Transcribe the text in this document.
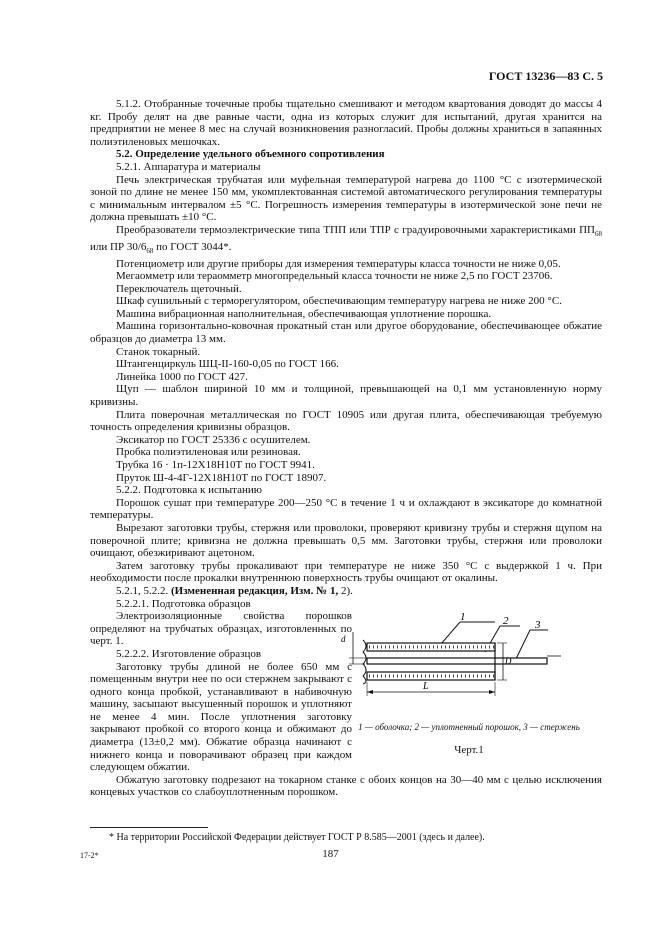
ГОСТ 13236—83 С. 5

5.1.2. Отобранные точечные пробы тщательно смешивают и методом квартования доводят до массы 4 кг. Пробу делят на две равные части, одна из которых служит для испытаний, другая хранится на предприятии не менее 8 мес на случай возникновения разногласий. Пробы должны храниться в запаянных полиэтиленовых мешочках.

5.2. Определение удельного объемного сопротивления

5.2.1. Аппаратура и материалы

Печь электрическая трубчатая или муфельная температурой нагрева до 1100 °С с изотермической зоной по длине не менее 150 мм, укомплектованная системой автоматического регулирования температуры с минимальным интервалом ±5 °С. Погрешность измерения температуры в изотермической зоне печи не должна превышать ±10 °С.

Преобразователи термоэлектрические типа ТПП или ТПР с градуировочными характеристиками $ПП_{68}$ или ПР $30/6_{68}$ по ГОСТ 3044*.

Потенциометр или другие приборы для измерения температуры класса точности не ниже 0,05.

Мегаомметр или тераомметр многопредельный класса точности не ниже 2,5 по ГОСТ 23706.

Переключатель щеточный.

Шкаф сушильный с терморегулятором, обеспечивающим температуру нагрева не ниже 200 °С.

Машина вибрационная наполнительная, обеспечивающая уплотнение порошка.

Машина горизонтально-ковочная прокатный стан или другое оборудование, обеспечивающее обжатие образцов до диаметра 13 мм.

Станок токарный.

Штангенциркуль ШЦ-II-160-0,05 по ГОСТ 166.

Линейка 1000 по ГОСТ 427.

Щуп — шаблон шириной 10 мм и толщиной, превышающей на 0,1 мм установленную норму кривизны.

Плита поверочная металлическая по ГОСТ 10905 или другая плита, обеспечивающая требуемую точность определения кривизны образцов.

Эксикатор по ГОСТ 25336 с осушителем.

Пробка полиэтиленовая или резиновая.

Трубка 16 · 1п-12Х18Н10Т по ГОСТ 9941.

Пруток Ш-4-4Г-12Х18Н10Т по ГОСТ 18907.

5.2.2. Подготовка к испытанию

Порошок сушат при температуре 200—250 °С в течение 1 ч и охлаждают в эксикаторе до комнатной температуры.

Вырезают заготовки трубы, стержня или проволоки, проверяют кривизну трубы и стержня щупом на поверочной плите; кривизна не должна превышать 0,5 мм. Заготовки трубы, стержня или проволоки очищают, обезжиривают ацетоном.

Затем заготовку трубы прокаливают при температуре не ниже 350 °С с выдержкой 1 ч. При необходимости после прокалки внутреннюю поверхность трубы очищают от окалины.

5.2.1, 5.2.2. (Измененная редакция, Изм. № 1, 2).

5.2.2.1. Подготовка образцов

Электроизоляционные свойства порошков определяют на трубчатых образцах, изготовленных по черт. 1.

5.2.2.2. Изготовление образцов

Заготовку трубы длиной не более 650 мм с помещенным внутри нее по оси стержнем закрывают с одного конца пробкой, устанавливают в набивочную машину, засыпают высушенный порошок и уплотняют не менее 4 мин. После уплотнения заготовку закрывают пробкой со второго конца и обжимают до диаметра (13±0,2 мм). Обжатие образца начинают с нижнего конца и поворачивают образец при каждом следующем обжатии.

Обжатую заготовку подрезают на токарном станке с обоих концов на 30—40 мм с целью исключения концевых участков со слабоуплотненным порошком.

1	2 3
d
D
L
1 — оболочка; 2 — уплотненный порошок, 3 — стержень
Черт.1
* На территории Российской Федерации действует ГОСТ Р 8.585—2001 (здесь и далее).
187
17-2*
